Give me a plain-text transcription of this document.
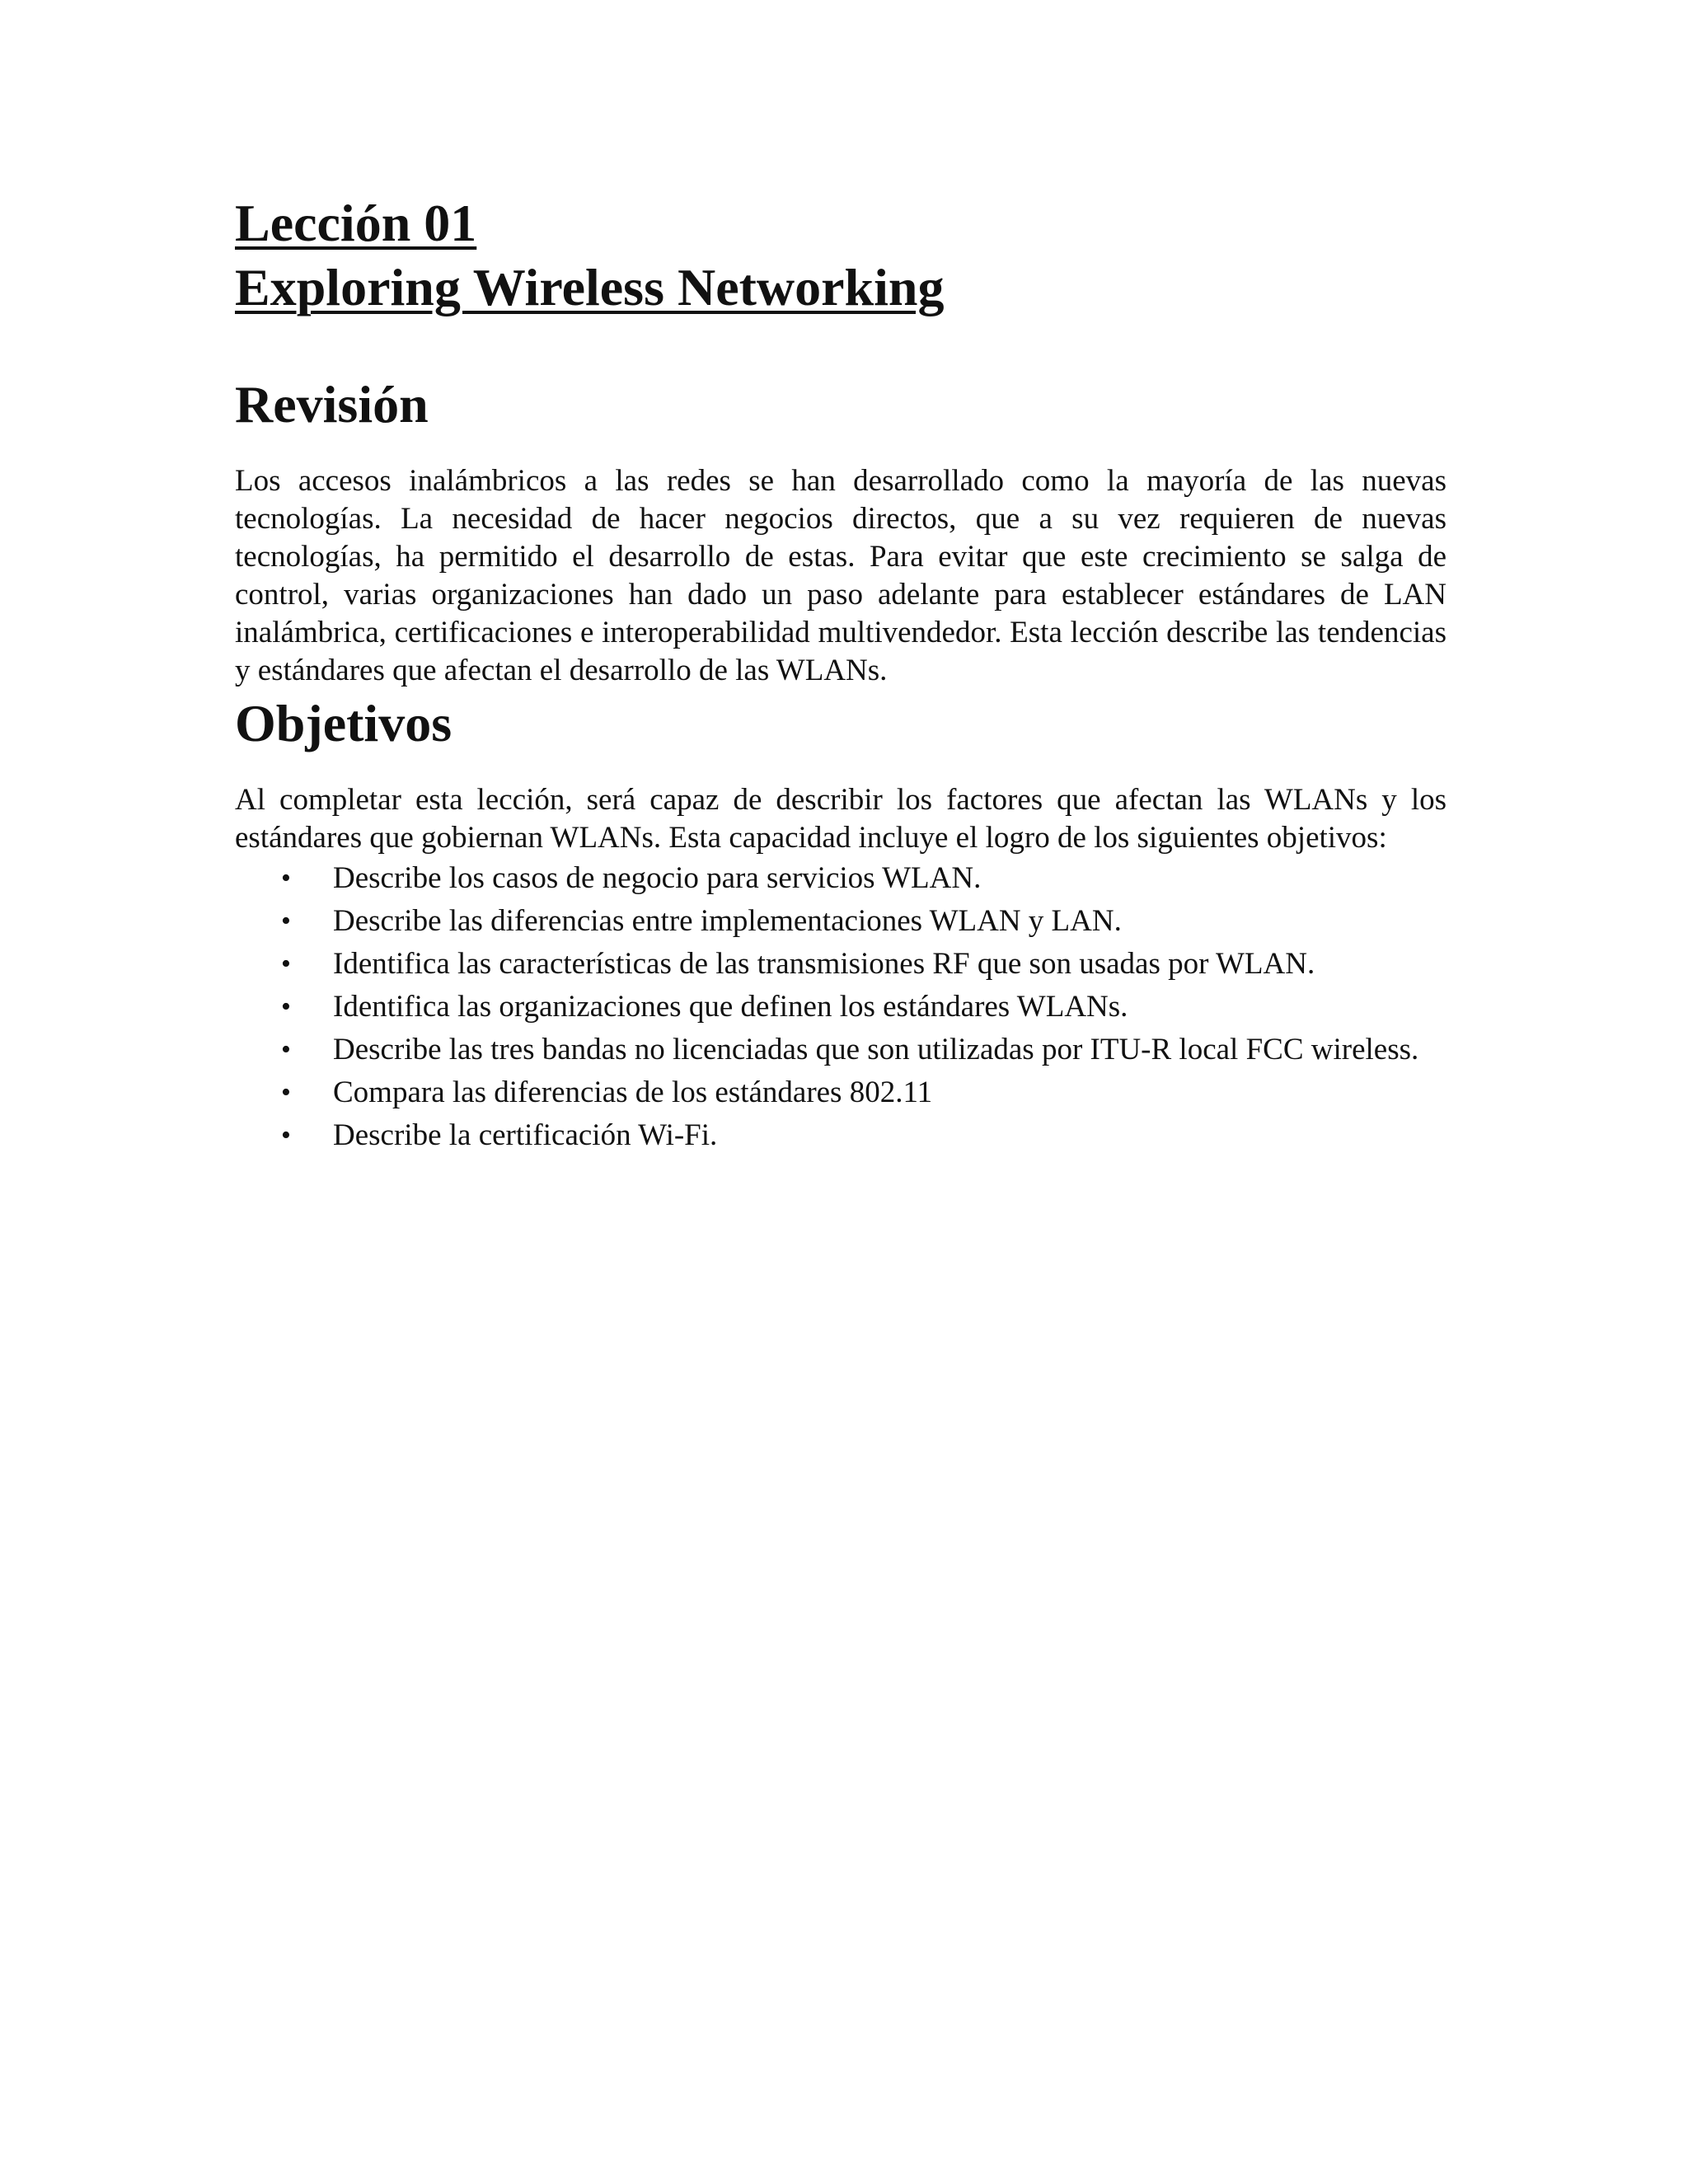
Lección 01
Exploring Wireless Networking
Revisión

Los accesos inalámbricos a las redes se han desarrollado como la mayoría de las nuevas tecnologías. La necesidad de hacer negocios directos, que a su vez requieren de nuevas tecnologías, ha permitido el desarrollo de estas. Para evitar que este crecimiento se salga de control, varias organizaciones han dado un paso adelante para establecer estándares de LAN inalámbrica, certificaciones e interoperabilidad multivendedor. Esta lección describe las tendencias y estándares que afectan el desarrollo de las WLANs.

Objetivos

Al completar esta lección, será capaz de describir los factores que afectan las WLANs y los estándares que gobiernan WLANs. Esta capacidad incluye el logro de los siguientes objetivos:

• Describe los casos de negocio para servicios WLAN.
• Describe las diferencias entre implementaciones WLAN y LAN.
• Identifica las características de las transmisiones RF que son usadas por WLAN.
• Identifica las organizaciones que definen los estándares WLANs.
• Describe las tres bandas no licenciadas que son utilizadas por ITU-R local FCC wireless.
• Compara las diferencias de los estándares 802.11
• Describe la certificación Wi-Fi.
